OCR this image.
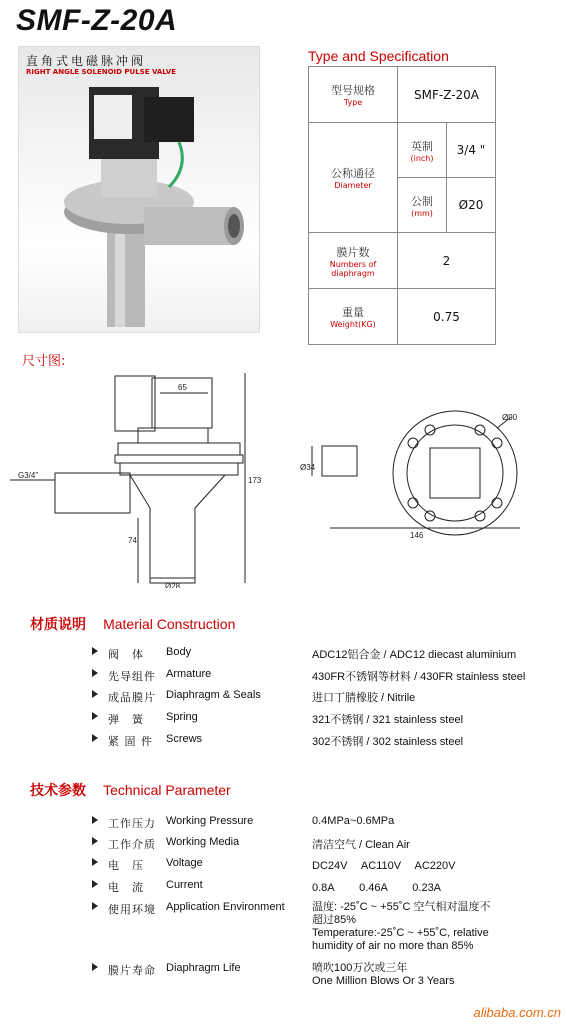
SMF-Z-20A
直角式电磁脉冲阀
RIGHT ANGLE SOLENOID PULSE VALVE
Type and Specification
型号规格
Type	SMF-Z-20A	

公称通径
Diameter	英制
(inch)	3/4 "

	公制
(mm)	Ø20

膜片数
Numbers of diaphragm	2	

重量
Weight(KG)	0.75	
尺寸图:
65
173
74
Ø28
G3/4"
Ø34
146
Ø90
材质说明 Material Construction
阀　体 Body	ADC12铝合金 / ADC12 diecast aluminium
先导组件 Armature	430FR不锈钢等材料 / 430FR stainless steel
成品膜片 Diaphragm & Seals	进口丁腈橡胶 / Nitrile
弹　簧 Spring	321不锈钢 / 321 stainless steel
紧 固 件 Screws	302不锈钢 / 302 stainless steel
技术参数 Technical Parameter
工作压力 Working Pressure	0.4MPa~0.6MPa
工作介质 Working Media	清洁空气 / Clean Air
电　压 Voltage	DC24V　 AC110V　 AC220V
电　流 Current	0.8A　　 0.46A　　 0.23A
使用环境 Application Environment 温度: -25˚C ~ +55˚C 空气相对温度不
超过85%
Temperature:-25˚C ~ +55˚C, relative
humidity of air no more than 85%
膜片寿命 Diaphragm Life	喷吹100万次或三年
One Million Blows Or 3 Years
alibaba.com.cn
